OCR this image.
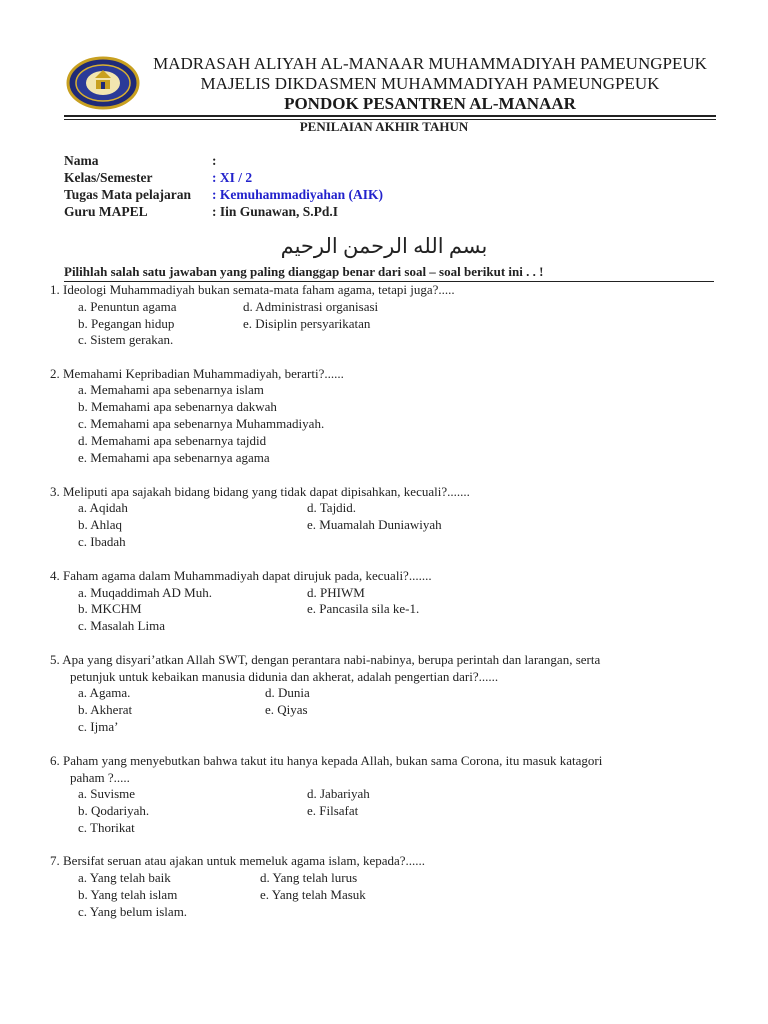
MADRASAH ALIYAH AL-MANAAR MUHAMMADIYAH PAMEUNGPEUK
MAJELIS DIKDASMEN MUHAMMADIYAH PAMEUNGPEUK
PONDOK PESANTREN AL-MANAAR
PENILAIAN AKHIR TAHUN
Nama	:
Kelas/Semester	: XI / 2
Tugas Mata pelajaran	: Kemuhammadiyahan (AIK)
Guru MAPEL	: Iin Gunawan, S.Pd.I
بسم الله الرحمن الرحيم
Pilihlah salah satu jawaban yang paling dianggap benar dari soal – soal berikut ini . . !
1. Ideologi Muhammadiyah bukan semata-mata faham agama, tetapi juga?.....
a. Penuntun agama
b. Pegangan hidup
c. Sistem gerakan.
d. Administrasi organisasi
e. Disiplin persyarikatan
2. Memahami Kepribadian Muhammadiyah, berarti?......
a. Memahami apa sebenarnya islam
b. Memahami apa sebenarnya dakwah
c. Memahami apa sebenarnya Muhammadiyah.
d. Memahami apa sebenarnya tajdid
e. Memahami apa sebenarnya agama
3. Meliputi apa sajakah bidang bidang yang tidak dapat dipisahkan, kecuali?.......
a. Aqidah
b. Ahlaq
c. Ibadah
d. Tajdid.
e. Muamalah Duniawiyah
4. Faham agama dalam Muhammadiyah dapat dirujuk pada, kecuali?.......
a. Muqaddimah AD Muh.
b. MKCHM
c. Masalah Lima
d. PHIWM
e. Pancasila sila ke-1.
5. Apa yang disyari’atkan Allah SWT, dengan perantara nabi-nabinya, berupa perintah dan larangan, serta
petunjuk untuk kebaikan manusia diduniа dan akherat, adalah pengertian dari?......
a. Agama.
b. Akherat
c. Ijma’
d. Dunia
e. Qiyas
6. Paham yang menyebutkan bahwa takut itu hanya kepada Allah, bukan sama Corona, itu masuk katagori
paham ?.....
a. Suvisme
b. Qodariyah.
c. Thorikat
d. Jabariyah
e. Filsafat
7. Bersifat seruan atau ajakan untuk memeluk agama islam, kepada?......
a. Yang telah baik
b. Yang telah islam
c. Yang belum islam.
d. Yang telah lurus
e. Yang telah Masuk
